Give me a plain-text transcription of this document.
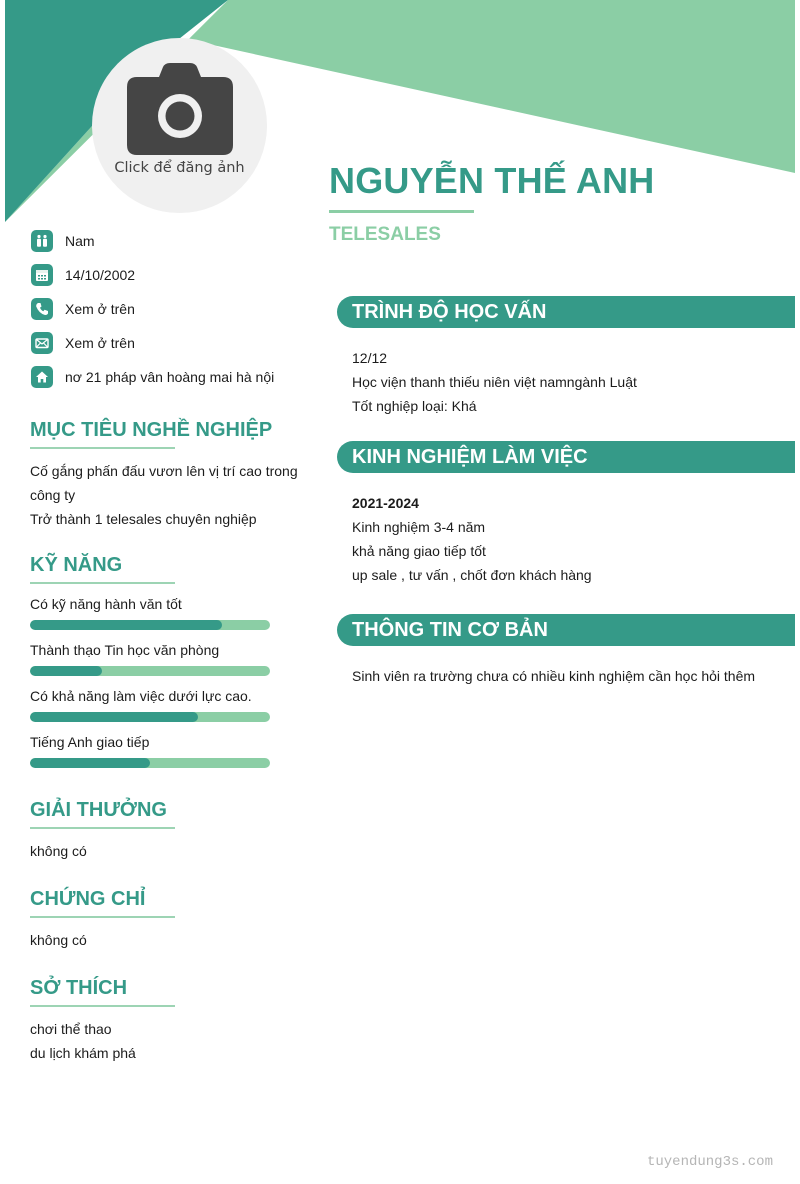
Click để đăng ảnh	NGUYỄN THẾ ANH
TELESALES
Nam
14/10/2002
Xem ở trên
Xem ở trên
nơ 21 pháp vân hoàng mai hà nội
MỤC TIÊU NGHỀ NGHIỆP
Cố gắng phấn đấu vươn lên vị trí cao trong công ty
Trở thành 1 telesales chuyên nghiệp
KỸ NĂNG
Có kỹ năng hành văn tốt
Thành thạo Tin học văn phòng
Có khả năng làm việc dưới lực cao.
Tiếng Anh giao tiếp
GIẢI THƯỞNG
không có
CHỨNG CHỈ
không có
SỞ THÍCH
chơi thể thao
du lịch khám phá
TRÌNH ĐỘ HỌC VẤN
12/12
Học viện thanh thiếu niên việt namngành Luật
Tốt nghiệp loại: Khá
KINH NGHIỆM LÀM VIỆC
2021-2024
Kinh nghiệm 3-4 năm
khả năng giao tiếp tốt
up sale , tư vấn , chốt đơn khách hàng
THÔNG TIN CƠ BẢN
Sinh viên ra trường chưa có nhiều kinh nghiệm cần học hỏi thêm
tuyendung3s.com
